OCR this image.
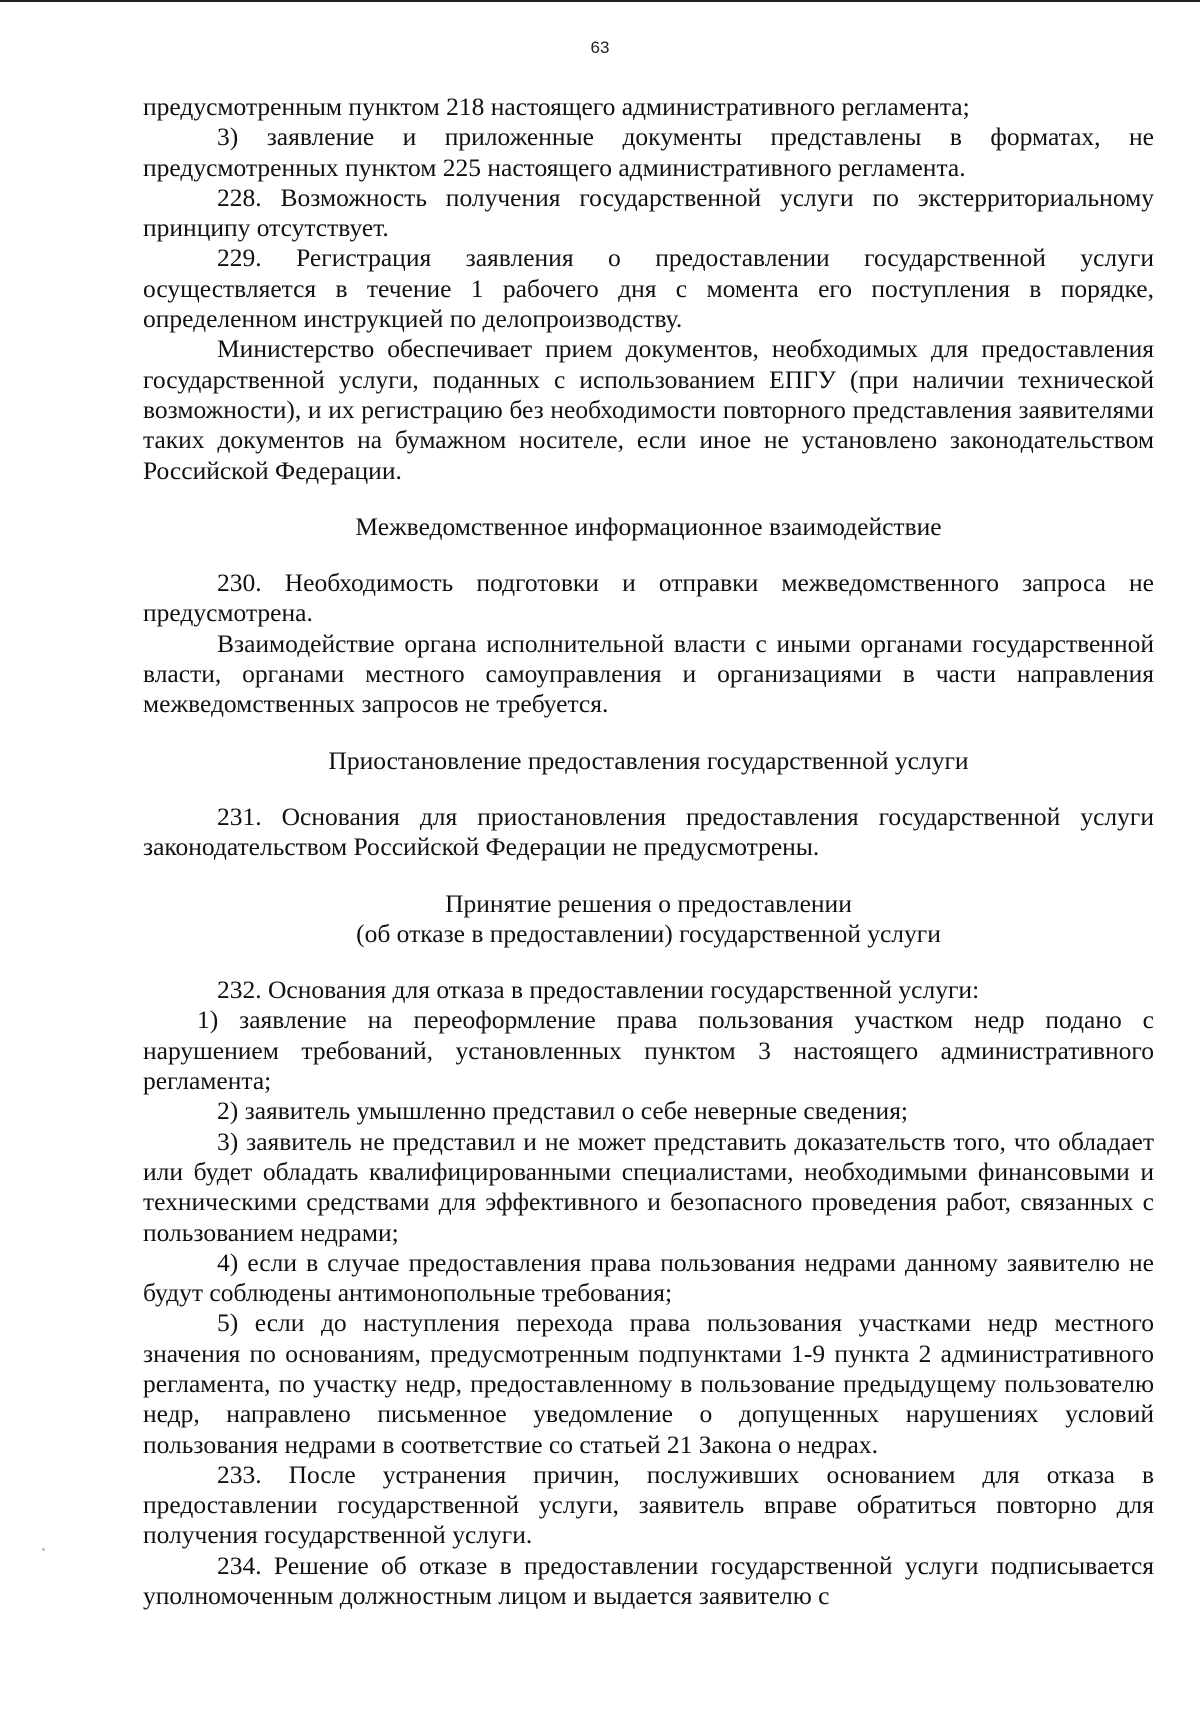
63

предусмотренным пунктом 218 настоящего административного регламента;

3) заявление и приложенные документы представлены в форматах, не предусмотренных пунктом 225 настоящего административного регламента.

228. Возможность получения государственной услуги по экстерриториальному принципу отсутствует.

229. Регистрация заявления о предоставлении государственной услуги осуществляется в течение 1 рабочего дня с момента его поступления в порядке, определенном инструкцией по делопроизводству.

Министерство обеспечивает прием документов, необходимых для предоставления государственной услуги, поданных с использованием ЕПГУ (при наличии технической возможности), и их регистрацию без необходимости повторного представления заявителями таких документов на бумажном носителе, если иное не установлено законодательством Российской Федерации.

Межведомственное информационное взаимодействие

230. Необходимость подготовки и отправки межведомственного запроса не предусмотрена.

Взаимодействие органа исполнительной власти с иными органами государственной власти, органами местного самоуправления и организациями в части направления межведомственных запросов не требуется.

Приостановление предоставления государственной услуги

231. Основания для приостановления предоставления государственной услуги законодательством Российской Федерации не предусмотрены.

Принятие решения о предоставлении
(об отказе в предоставлении) государственной услуги

232. Основания для отказа в предоставлении государственной услуги:

1) заявление на переоформление права пользования участком недр подано с нарушением требований, установленных пунктом 3 настоящего административного регламента;

2) заявитель умышленно представил о себе неверные сведения;

3) заявитель не представил и не может представить доказательств того, что обладает или будет обладать квалифицированными специалистами, необходимыми финансовыми и техническими средствами для эффективного и безопасного проведения работ, связанных с пользованием недрами;

4) если в случае предоставления права пользования недрами данному заявителю не будут соблюдены антимонопольные требования;

5) если до наступления перехода права пользования участками недр местного значения по основаниям, предусмотренным подпунктами 1-9 пункта 2 административного регламента, по участку недр, предоставленному в пользование предыдущему пользователю недр, направлено письменное уведомление о допущенных нарушениях условий пользования недрами в соответствие со статьей 21 Закона о недрах.

233. После устранения причин, послуживших основанием для отказа в предоставлении государственной услуги, заявитель вправе обратиться повторно для получения государственной услуги.

234. Решение об отказе в предоставлении государственной услуги подписывается уполномоченным должностным лицом и выдается заявителю с
